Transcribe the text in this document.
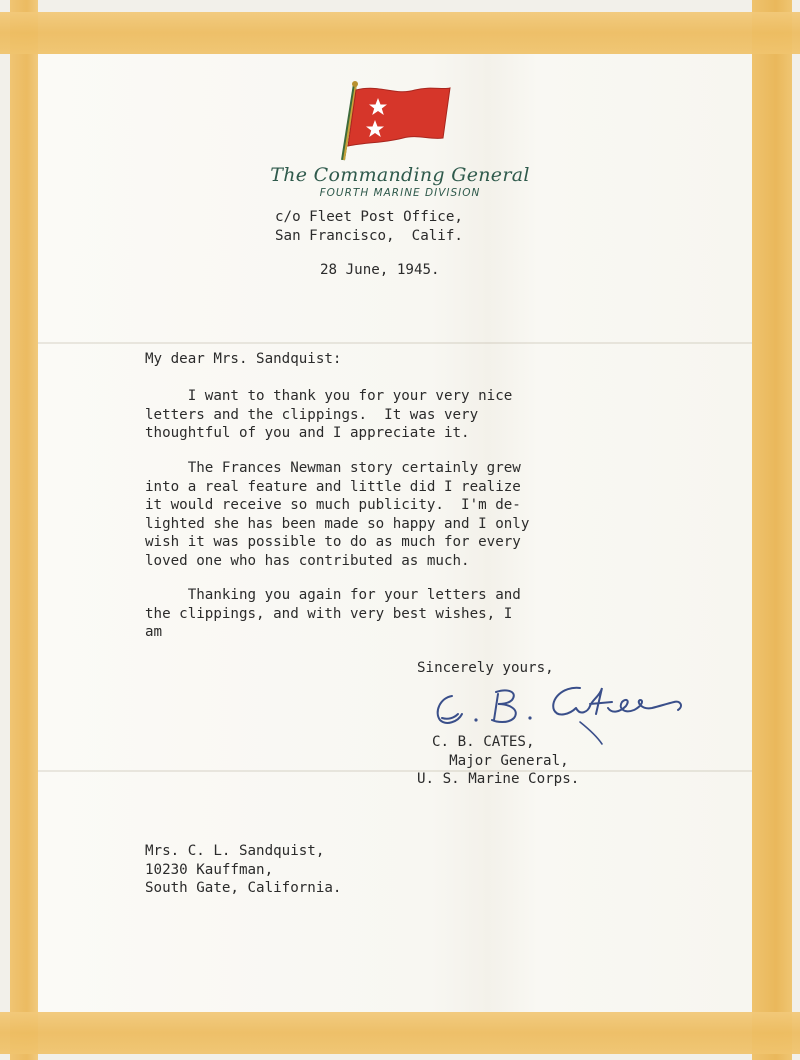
The Commanding General
FOURTH MARINE DIVISION
c/o Fleet Post Office,
San Francisco,  Calif.
28 June, 1945.
My dear Mrs. Sandquist:
I want to thank you for your very nice
letters and the clippings.  It was very
thoughtful of you and I appreciate it.
The Frances Newman story certainly grew
into a real feature and little did I realize
it would receive so much publicity.  I'm de-
lighted she has been made so happy and I only
wish it was possible to do as much for every
loved one who has contributed as much.
Thanking you again for your letters and
the clippings, and with very best wishes, I
am
Sincerely yours,
C. B. CATES,
Major General,
U. S. Marine Corps.
Mrs. C. L. Sandquist,
10230 Kauffman,
South Gate, California.
